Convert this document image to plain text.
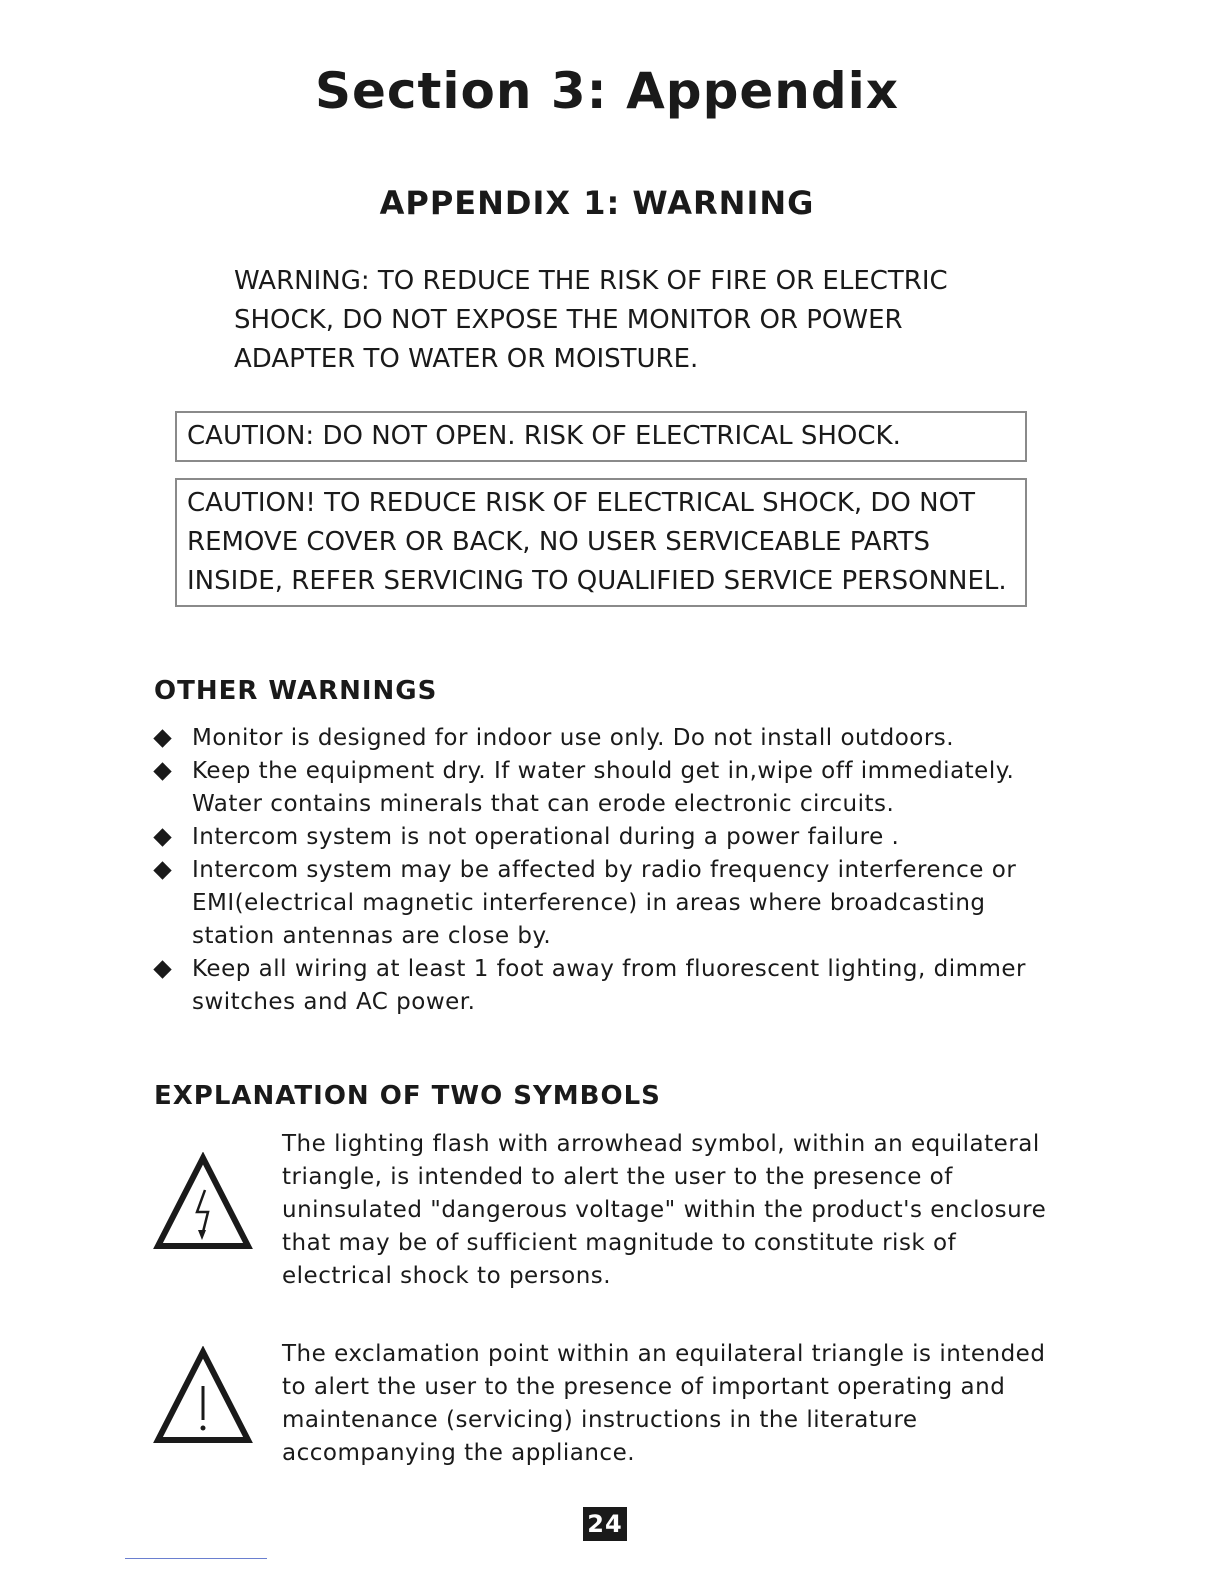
Section 3: Appendix
APPENDIX 1: WARNING

WARNING: TO REDUCE THE RISK OF FIRE OR ELECTRIC
SHOCK, DO NOT EXPOSE THE MONITOR OR POWER
ADAPTER TO WATER OR MOISTURE.

CAUTION: DO NOT OPEN. RISK OF ELECTRICAL SHOCK.
CAUTION! TO REDUCE RISK OF ELECTRICAL SHOCK, DO NOT
REMOVE COVER OR BACK, NO USER SERVICEABLE PARTS
INSIDE, REFER SERVICING TO QUALIFIED SERVICE PERSONNEL.
OTHER WARNINGS
Monitor is designed for indoor use only. Do not install outdoors.
Keep the equipment dry. If water should get in,wipe off immediately.
Water contains minerals that can erode electronic circuits.
Intercom system is not operational during a power failure .
Intercom system may be affected by radio frequency interference or
EMI(electrical magnetic interference) in areas where broadcasting
station antennas are close by.
Keep all wiring at least 1 foot away from fluorescent lighting, dimmer
switches and AC power.
EXPLANATION OF TWO SYMBOLS

The lighting flash with arrowhead symbol, within an equilateral
triangle, is intended to alert the user to the presence of
uninsulated "dangerous voltage" within the product's enclosure
that may be of sufficient magnitude to constitute risk of
electrical shock to persons.

The exclamation point within an equilateral triangle is intended
to alert the user to the presence of important operating and
maintenance (servicing) instructions in the literature
accompanying the appliance.

24
